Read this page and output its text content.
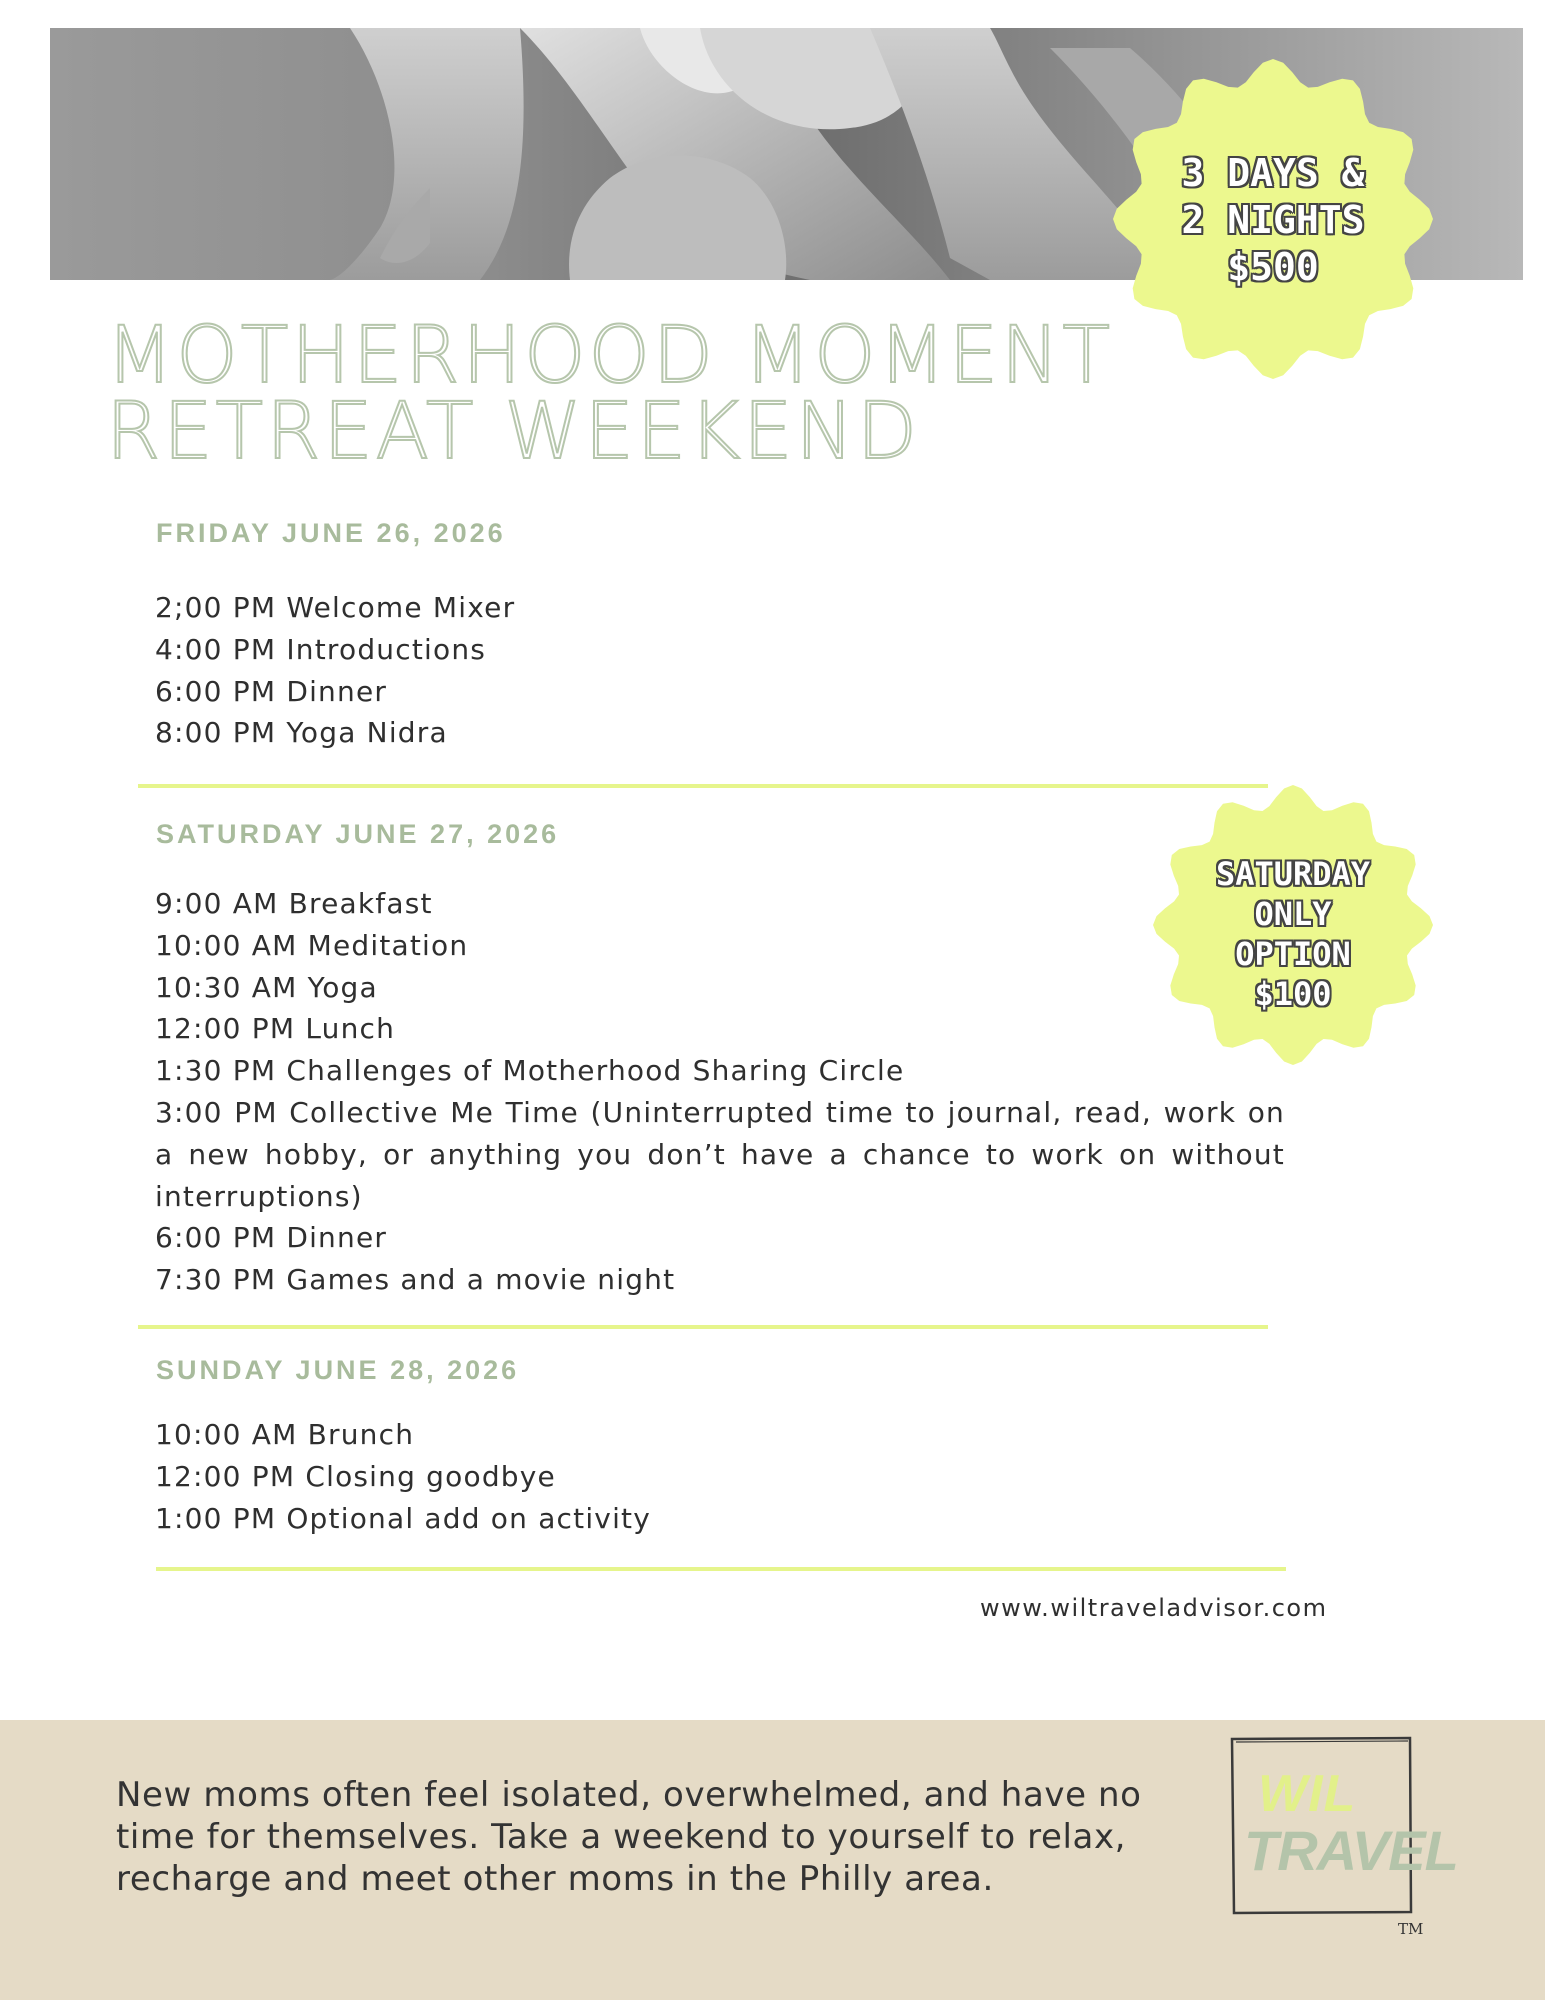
3 DAYS &
2 NIGHTS
$500
MOTHERHOOD MOMENT
RETREAT WEEKEND
FRIDAY JUNE 26, 2026
2;00 PM Welcome Mixer
4:00 PM Introductions
6:00 PM Dinner
8:00 PM Yoga Nidra
SATURDAY JUNE 27, 2026
9:00 AM Breakfast
10:00 AM Meditation
10:30 AM Yoga
12:00 PM Lunch
1:30 PM Challenges of Motherhood Sharing Circle
3:00 PM Collective Me Time (Uninterrupted time to journal, read, work on a new hobby, or anything you don’t have a chance to work on without interruptions)
6:00 PM Dinner
7:30 PM Games and a movie night
SATURDAY
ONLY
OPTION
$100
SUNDAY JUNE 28, 2026
10:00 AM Brunch
12:00 PM Closing goodbye
1:00 PM Optional add on activity
www.wiltraveladvisor.com

New moms often feel isolated, overwhelmed, and have no time for themselves. Take a weekend to yourself to relax, recharge and meet other moms in the Philly area.

WIL
TRAVEL
TM
